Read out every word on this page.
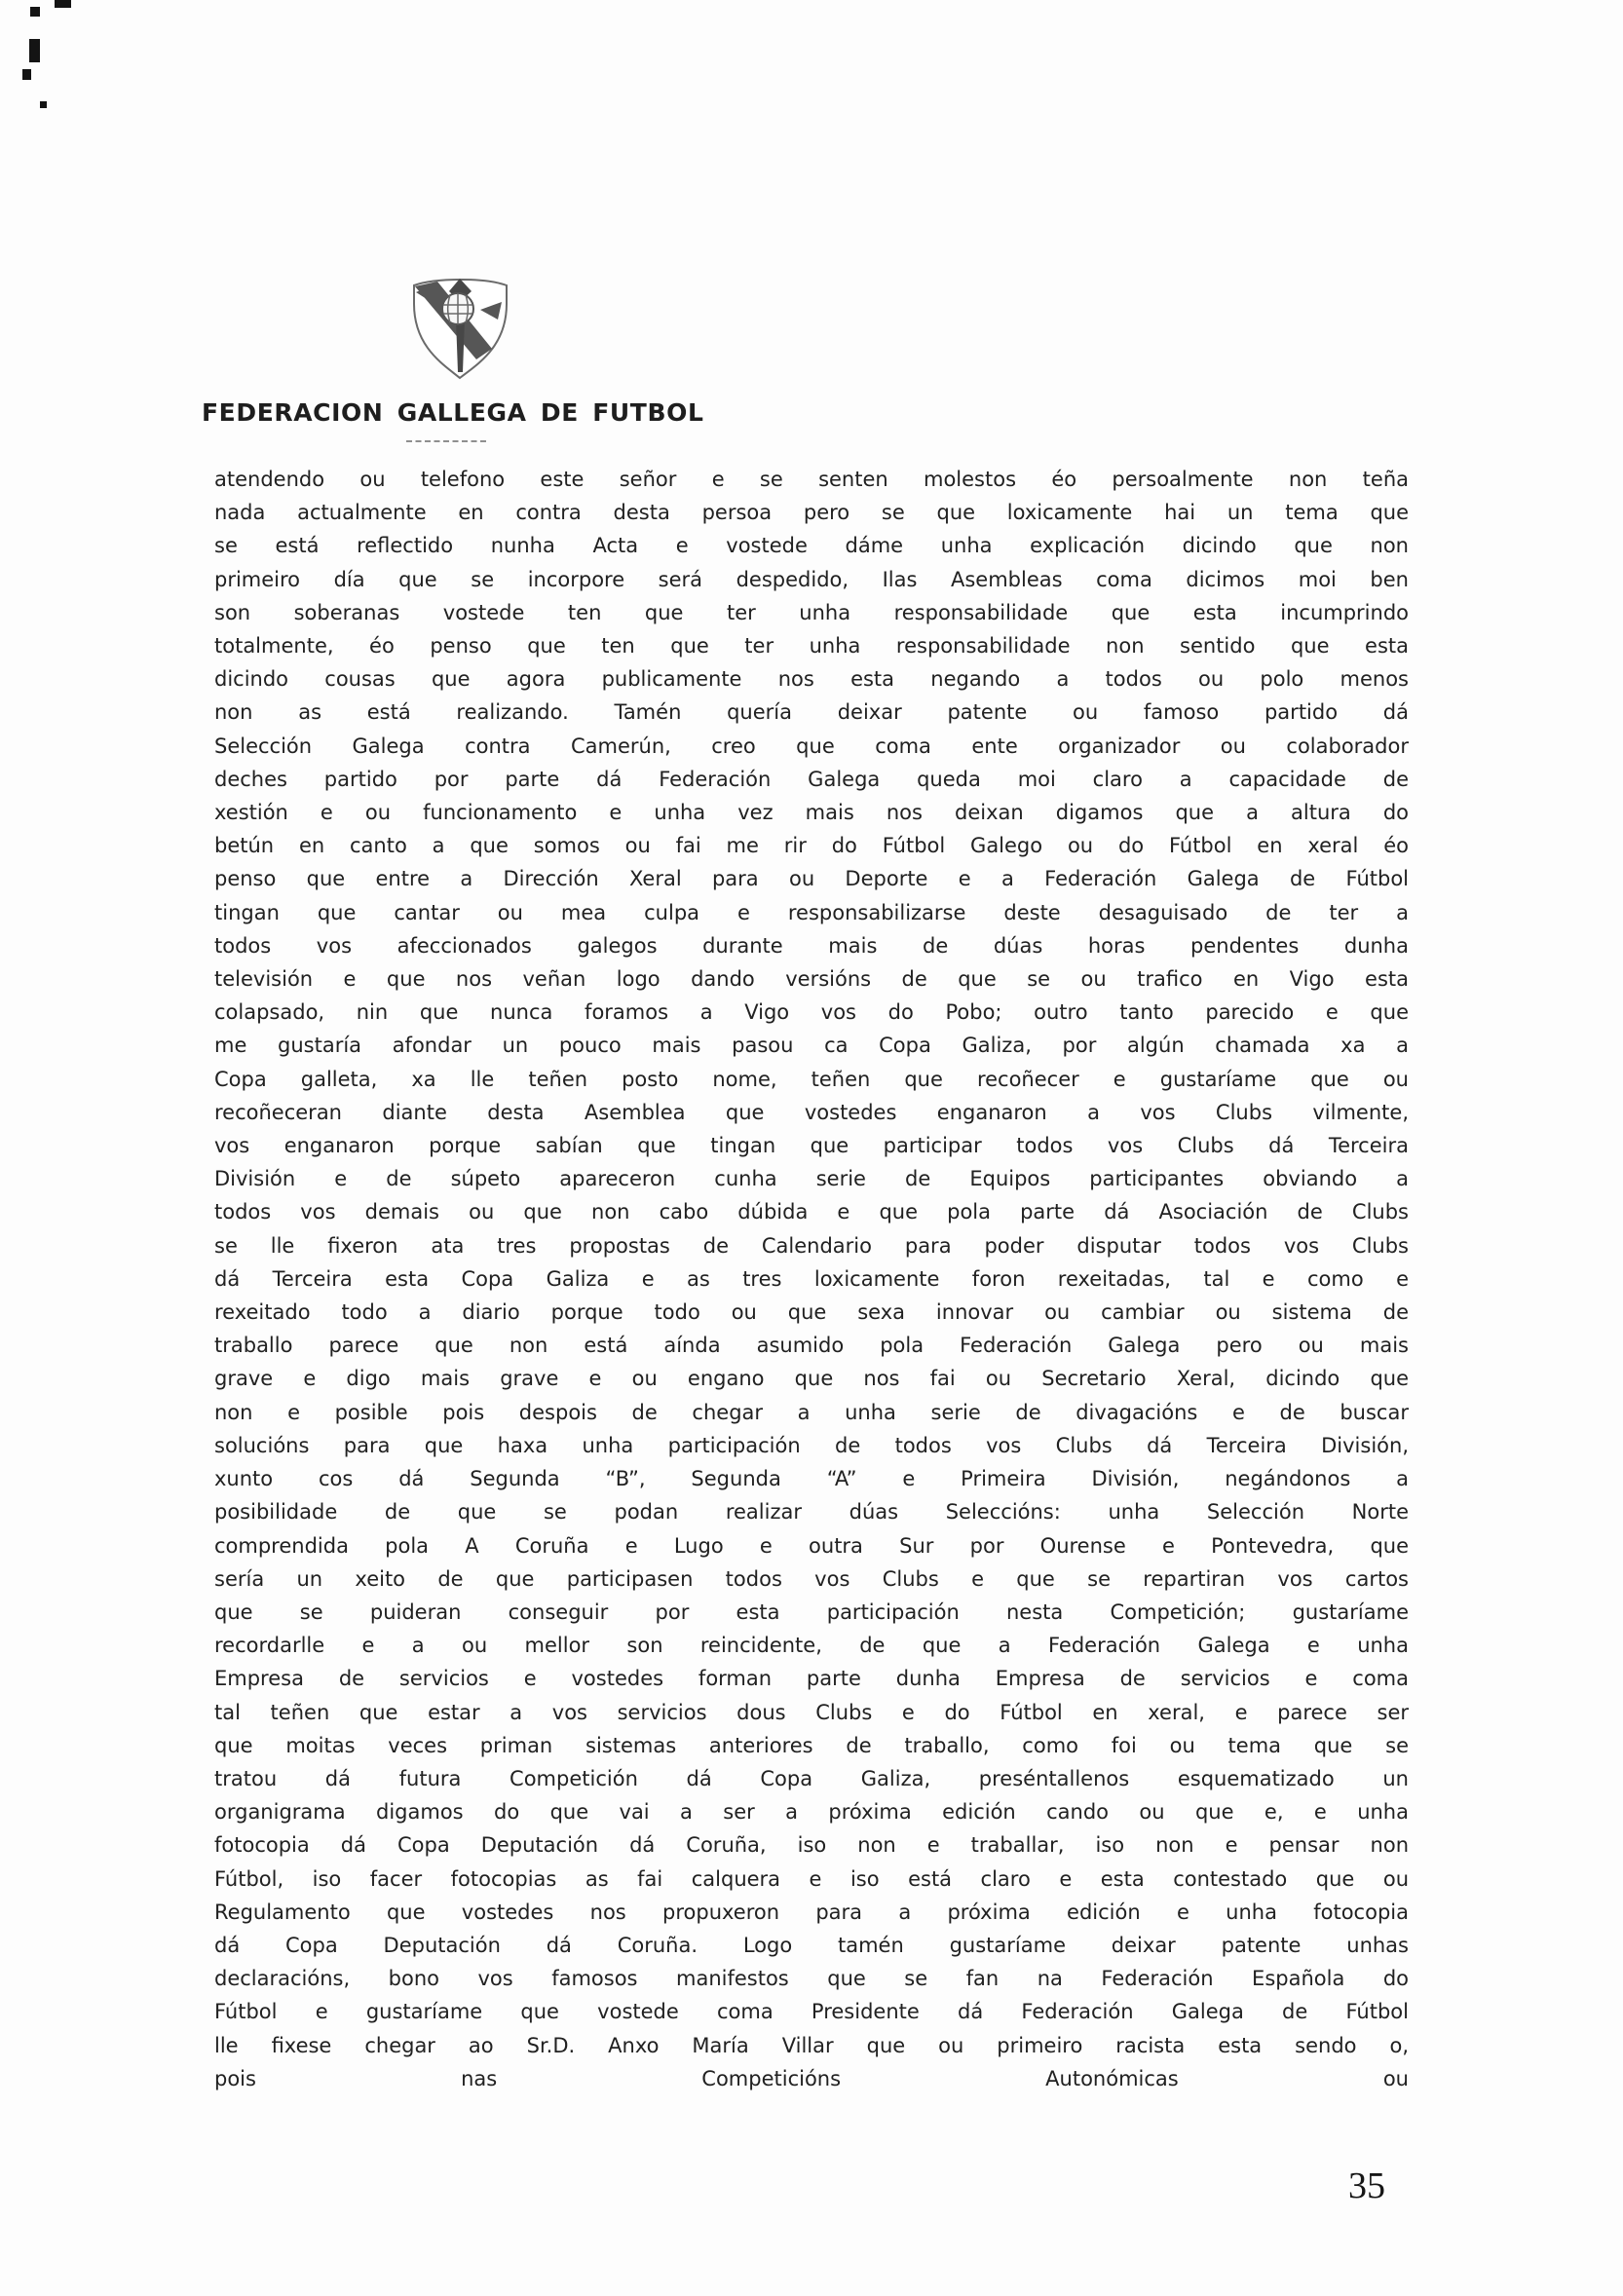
FEDERACION GALLEGA DE FUTBOL
atendendo ou telefono este señor e se senten molestos éo persoalmente non teña
nada actualmente en contra desta persoa pero se que loxicamente hai un tema que
se está reflectido nunha Acta e vostede dáme unha explicación dicindo que non
primeiro día que se incorpore será despedido, Ilas Asembleas coma dicimos moi ben
son soberanas vostede ten que ter unha responsabilidade que esta incumprindo
totalmente, éo penso que ten que ter unha responsabilidade non sentido que esta
dicindo cousas que agora publicamente nos esta negando a todos ou polo menos
non as está realizando. Tamén quería deixar patente ou famoso partido dá
Selección Galega contra Camerún, creo que coma ente organizador ou colaborador
deches partido por parte dá Federación Galega queda moi claro a capacidade de
xestión e ou funcionamento e unha vez mais nos deixan digamos que a altura do
betún en canto a que somos ou fai me rir do Fútbol Galego ou do Fútbol en xeral éo
penso que entre a Dirección Xeral para ou Deporte e a Federación Galega de Fútbol
tingan que cantar ou mea culpa e responsabilizarse deste desaguisado de ter a
todos vos afeccionados galegos durante mais de dúas horas pendentes dunha
televisión e que nos veñan logo dando versións de que se ou trafico en Vigo esta
colapsado, nin que nunca foramos a Vigo vos do Pobo; outro tanto parecido e que
me gustaría afondar un pouco mais pasou ca Copa Galiza, por algún chamada xa a
Copa galleta, xa lle teñen posto nome, teñen que recoñecer e gustaríame que ou
recoñeceran diante desta Asemblea que vostedes enganaron a vos Clubs vilmente,
vos enganaron porque sabían que tingan que participar todos vos Clubs dá Terceira
División e de súpeto apareceron cunha serie de Equipos participantes obviando a
todos vos demais ou que non cabo dúbida e que pola parte dá Asociación de Clubs
se lle fixeron ata tres propostas de Calendario para poder disputar todos vos Clubs
dá Terceira esta Copa Galiza e as tres loxicamente foron rexeitadas, tal e como e
rexeitado todo a diario porque todo ou que sexa innovar ou cambiar ou sistema de
traballo parece que non está aínda asumido pola Federación Galega pero ou mais
grave e digo mais grave e ou engano que nos fai ou Secretario Xeral, dicindo que
non e posible pois despois de chegar a unha serie de divagacións e de buscar
solucións para que haxa unha participación de todos vos Clubs dá Terceira División,
xunto cos dá Segunda “B”, Segunda “A” e Primeira División, negándonos a
posibilidade de que se podan realizar dúas Seleccións: unha Selección Norte
comprendida pola A Coruña e Lugo e outra Sur por Ourense e Pontevedra, que
sería un xeito de que participasen todos vos Clubs e que se repartiran vos cartos
que se puideran conseguir por esta participación nesta Competición; gustaríame
recordarlle e a ou mellor son reincidente, de que a Federación Galega e unha
Empresa de servicios e vostedes forman parte dunha Empresa de servicios e coma
tal teñen que estar a vos servicios dous Clubs e do Fútbol en xeral, e parece ser
que moitas veces priman sistemas anteriores de traballo, como foi ou tema que se
tratou dá futura Competición dá Copa Galiza, preséntallenos esquematizado un
organigrama digamos do que vai a ser a próxima edición cando ou que e, e unha
fotocopia dá Copa Deputación dá Coruña, iso non e traballar, iso non e pensar non
Fútbol, iso facer fotocopias as fai calquera e iso está claro e esta contestado que ou
Regulamento que vostedes nos propuxeron para a próxima edición e unha fotocopia
dá Copa Deputación dá Coruña. Logo tamén gustaríame deixar patente unhas
declaracións, bono vos famosos manifestos que se fan na Federación Española do
Fútbol e gustaríame que vostede coma Presidente dá Federación Galega de Fútbol
lle fixese chegar ao Sr.D. Anxo María Villar que ou primeiro racista esta sendo o,
pois nas Competicións Autonómicas ou
35
